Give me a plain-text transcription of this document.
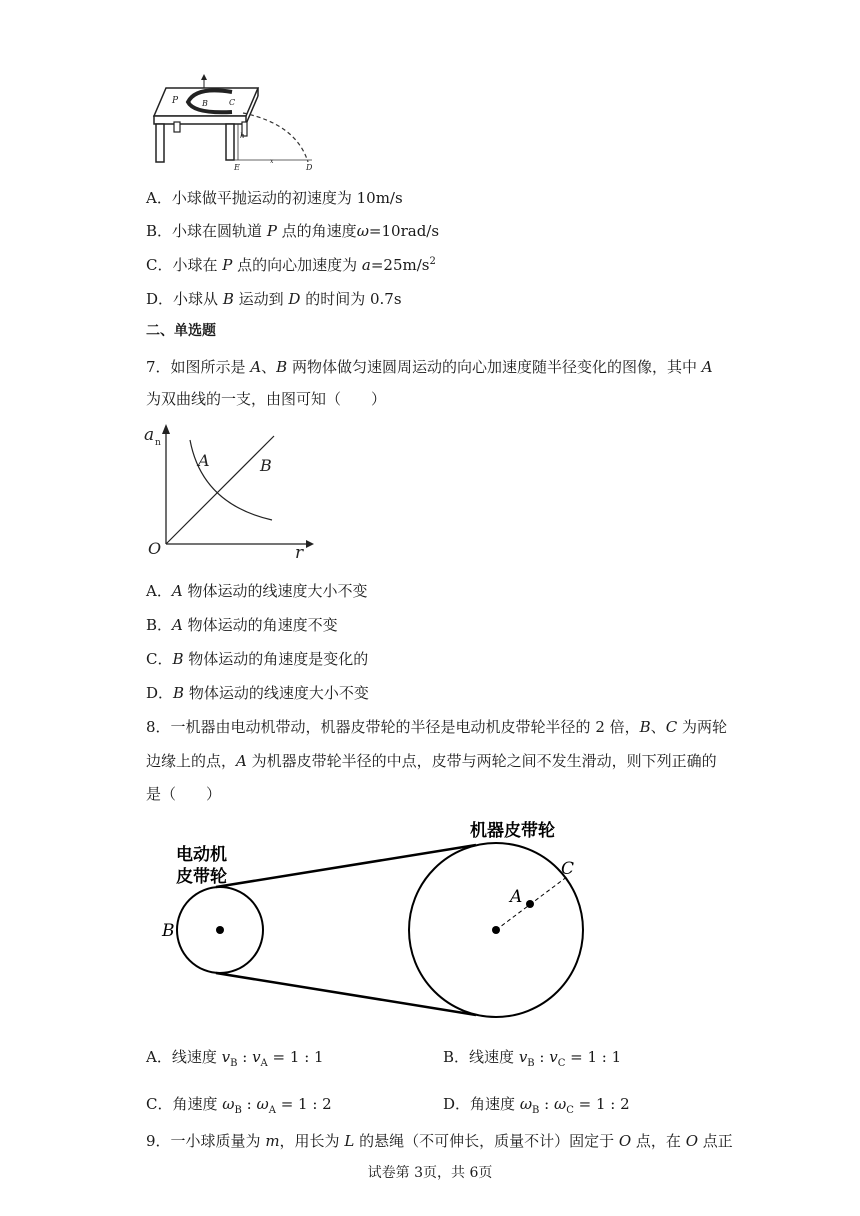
P	B	C
h
E	D
x
A．小球做平抛运动的初速度为 10m/s
B．小球在圆轨道 P 点的角速度ω=10rad/s
C．小球在 P 点的向心加速度为 $a=25m/s^2$
D．小球从 B 运动到 D 的时间为 0.7s
二、单选题
7．如图所示是 A、B 两物体做匀速圆周运动的向心加速度随半径变化的图像，其中 A
为双曲线的一支，由图可知（　　）
a n
r
O
A	B
A．A 物体运动的线速度大小不变
B．A 物体运动的角速度不变
C．B 物体运动的角速度是变化的
D．B 物体运动的线速度大小不变
8．一机器由电动机带动，机器皮带轮的半径是电动机皮带轮半径的 2 倍，B、C 为两轮
边缘上的点，A 为机器皮带轮半径的中点，皮带与两轮之间不发生滑动，则下列正确的
是（　　）
电动机
皮带轮
机器皮带轮
B
A
C
A．线速度 $v_B$ : $v_A = 1$ : 1	B．线速度 $v_B$ : $v_C = 1$ : 1
C．角速度 $\omega_B$ : $\omega_A = 1$ : 2	D．角速度 $\omega_B$ : $\omega_C = 1$ : 2
9．一小球质量为 m，用长为 L 的悬绳（不可伸长，质量不计）固定于 O 点，在 O 点正
试卷第 3页，共 6页
